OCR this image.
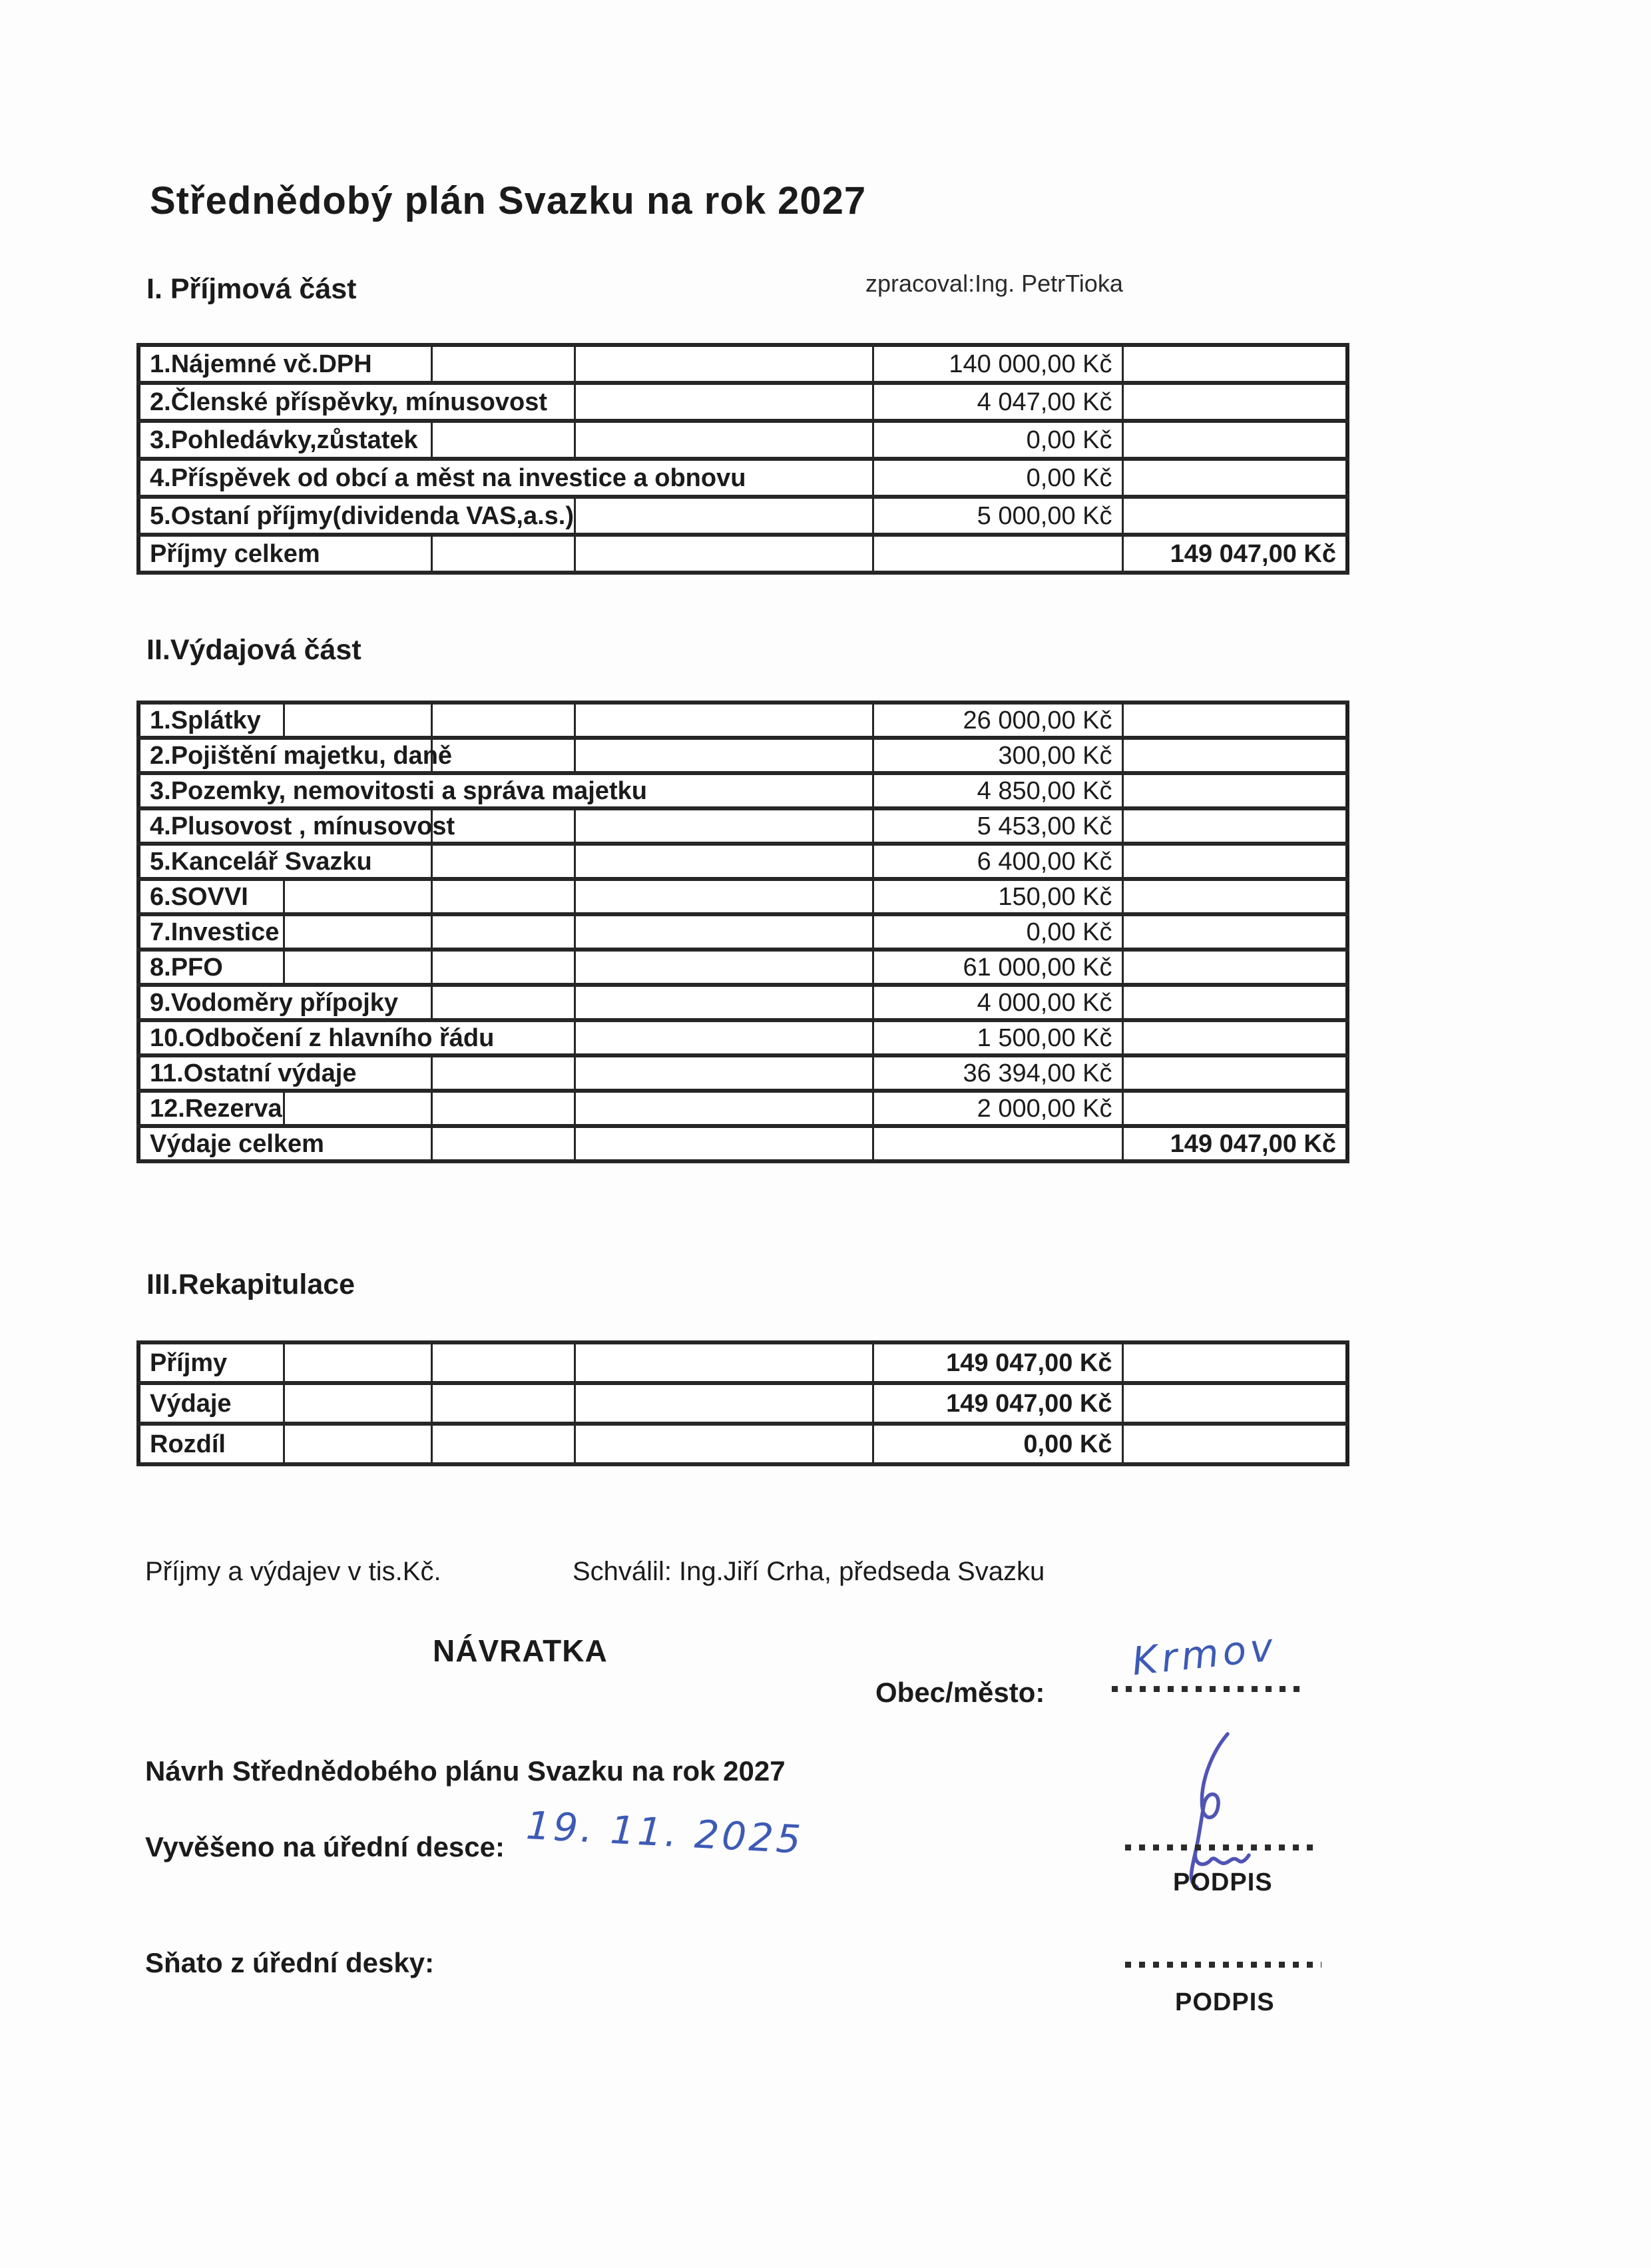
Střednědobý plán Svazku na rok 2027
I. Příjmová část	zpracoval:Ing. PetrTioka
1.Nájemné vč.DPH			140 000,00 Kč	
2.Členské příspěvky, mínusovost			4 047,00 Kč	
3.Pohledávky,zůstatek			0,00 Kč	
4.Příspěvek od obcí a měst na investice a obnovu			0,00 Kč	
5.Ostaní příjmy(dividenda VAS,a.s.)			5 000,00 Kč	
Příjmy celkem				149 047,00 Kč
II.Výdajová část
1.Splátky				26 000,00 Kč	
2.Pojištění majetku, daně				300,00 Kč	
3.Pozemky, nemovitosti a správa majetku				4 850,00 Kč	
4.Plusovost , mínusovost				5 453,00 Kč	
5.Kancelář Svazku				6 400,00 Kč	
6.SOVVI				150,00 Kč	
7.Investice				0,00 Kč	
8.PFO				61 000,00 Kč	
9.Vodoměry přípojky				4 000,00 Kč	
10.Odbočení z hlavního řádu				1 500,00 Kč	
11.Ostatní výdaje				36 394,00 Kč	
12.Rezerva				2 000,00 Kč	
Výdaje celkem					149 047,00 Kč
III.Rekapitulace
Příjmy				149 047,00 Kč	
Výdaje				149 047,00 Kč	
Rozdíl				0,00 Kč	
Příjmy a výdajev v tis.Kč.	Schválil: Ing.Jiří Crha, předseda Svazku
NÁVRATKA
Obec/město:
Krmov
Návrh Střednědobého plánu Svazku na rok 2027
Vyvěšeno na úřední desce: 19. 11. 2025
PODPIS
Sňato z úřední desky:
PODPIS
